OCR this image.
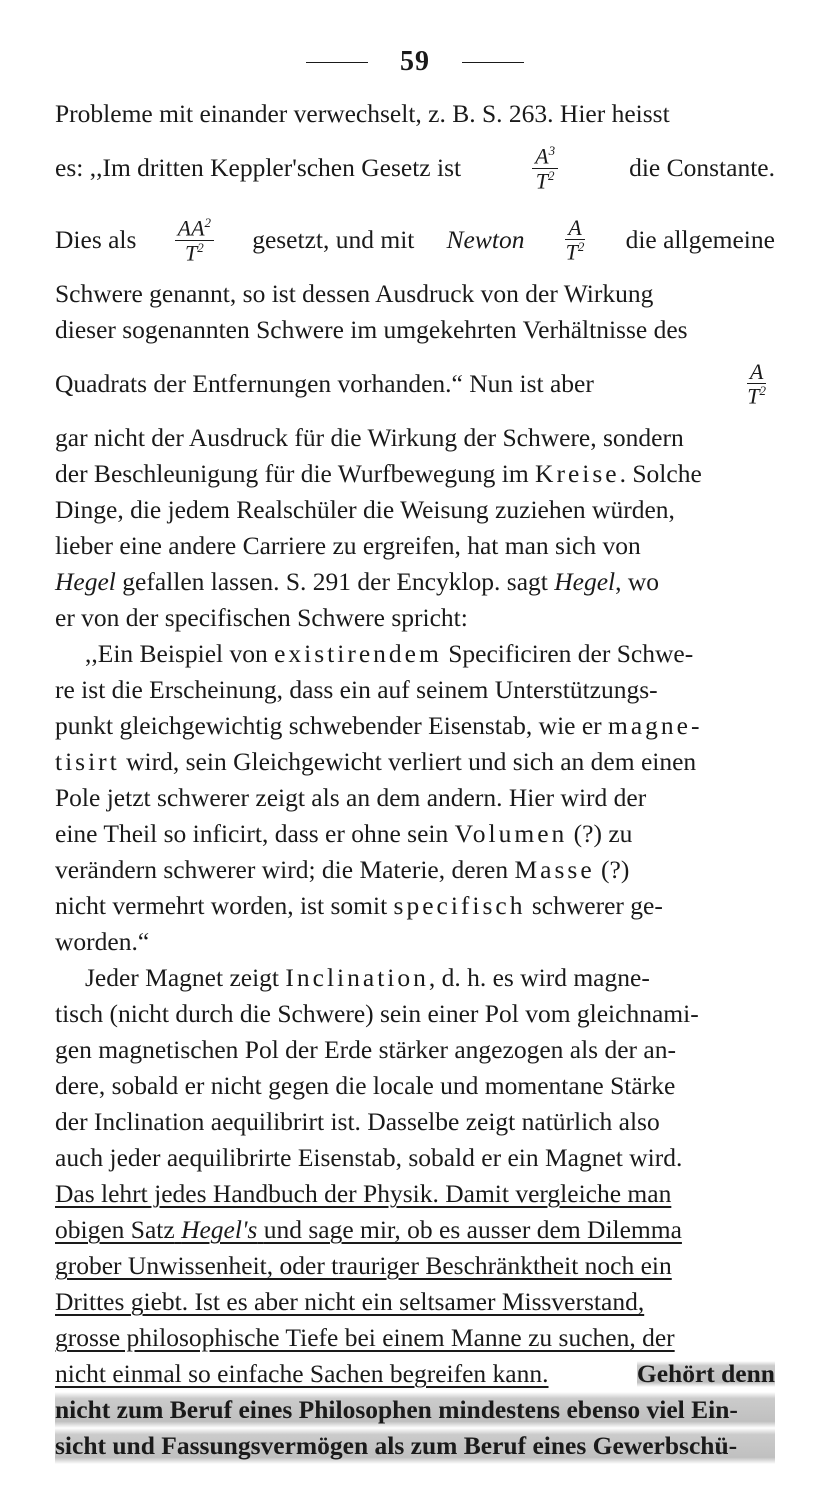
59
Probleme mit einander verwechselt, z. B. S. 263. Hier heisst
es: ,,Im dritten Keppler'schen Gesetz ist	$\frac{A^3}{T^2}$	die Constante.
Dies als $\frac{AA^2}{T^2}$ gesetzt, und mit Newton $\frac{A}{T^2}$ die allgemeine
Schwere genannt, so ist dessen Ausdruck von der Wirkung
dieser sogenannten Schwere im umgekehrten Verhältnisse des
Quadrats der Entfernungen vorhanden.“ Nun ist aber	$\frac{A}{T^2}$
gar nicht der Ausdruck für die Wirkung der Schwere, sondern
der Beschleunigung für die Wurfbewegung im Kreise. Solche
Dinge, die jedem Realschüler die Weisung zuziehen würden,
lieber eine andere Carriere zu ergreifen, hat man sich von
Hegel gefallen lassen. S. 291 der Encyklop. sagt Hegel, wo
er von der specifischen Schwere spricht:
,,Ein Beispiel von existirendem Specificiren der Schwe-
re ist die Erscheinung, dass ein auf seinem Unterstützungs-
punkt gleichgewichtig schwebender Eisenstab, wie er magne-
tisirt wird, sein Gleichgewicht verliert und sich an dem einen
Pole jetzt schwerer zeigt als an dem andern. Hier wird der
eine Theil so inficirt, dass er ohne sein Volumen (?) zu
verändern schwerer wird; die Materie, deren Masse (?)
nicht vermehrt worden, ist somit specifisch schwerer ge-
worden.“
Jeder Magnet zeigt Inclination, d. h. es wird magne-
tisch (nicht durch die Schwere) sein einer Pol vom gleichnami-
gen magnetischen Pol der Erde stärker angezogen als der an-
dere, sobald er nicht gegen die locale und momentane Stärke
der Inclination aequilibrirt ist. Dasselbe zeigt natürlich also
auch jeder aequilibrirte Eisenstab, sobald er ein Magnet wird.
Das lehrt jedes Handbuch der Physik. Damit vergleiche man
obigen Satz Hegel's und sage mir, ob es ausser dem Dilemma
grober Unwissenheit, oder trauriger Beschränktheit noch ein
Drittes giebt. Ist es aber nicht ein seltsamer Missverstand,
grosse philosophische Tiefe bei einem Manne zu suchen, der
nicht einmal so einfache Sachen begreifen kann.	Gehört denn
nicht zum Beruf eines Philosophen mindestens ebenso viel Ein-
sicht und Fassungsvermögen als zum Beruf eines Gewerbschü-
